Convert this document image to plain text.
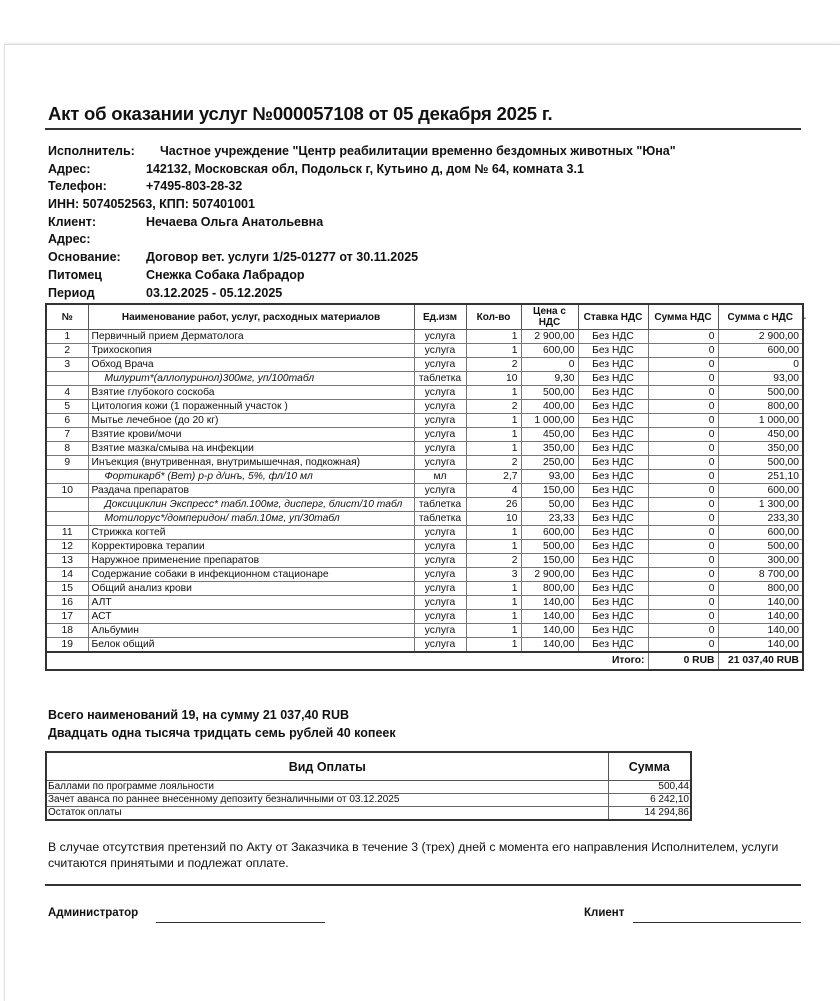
Акт об оказании услуг №000057108 от 05 декабря 2025 г.
Исполнитель:	Частное учреждение "Центр реабилитации временно бездомных животных "Юна"
Адрес:	142132, Московская обл, Подольск г, Кутьино д, дом № 64, комната 3.1
Телефон:	+7495-803-28-32
ИНН: 5074052563, КПП: 507401001
Клиент:	Нечаева Ольга Анатольевна
Адрес:
Основание:	Договор вет. услуги 1/25-01277 от 30.11.2025
Питомец	Снежка Собака Лабрадор
Период	03.12.2025 - 05.12.2025
№	Наименование работ, услуг, расходных материалов	Ед.изм	Кол-во	Цена с НДС	Ставка НДС	Сумма НДС	Сумма с НДС
1	Первичный прием Дерматолога	услуга	1	2 900,00	Без НДС	0	2 900,00
2	Трихоскопия	услуга	1	600,00	Без НДС	0	600,00
3	Обход Врача	услуга	2	0	Без НДС	0	0
	Милурит*(аллопуринол)300мг, уп/100табл	таблетка	10	9,30	Без НДС	0	93,00
4	Взятие глубокого соскоба	услуга	1	500,00	Без НДС	0	500,00
5	Цитология кожи (1 пораженный участок )	услуга	2	400,00	Без НДС	0	800,00
6	Мытье лечебное (до 20 кг)	услуга	1	1 000,00	Без НДС	0	1 000,00
7	Взятие крови/мочи	услуга	1	450,00	Без НДС	0	450,00
8	Взятие мазка/смыва на инфекции	услуга	1	350,00	Без НДС	0	350,00
9	Инъекция (внутривенная, внутримышечная, подкожная)	услуга	2	250,00	Без НДС	0	500,00
	Фортикарб* (Вет) р-р д/инъ, 5%, фл/10 мл	мл	2,7	93,00	Без НДС	0	251,10
10	Раздача препаратов	услуга	4	150,00	Без НДС	0	600,00
	Доксициклин Экспресс* табл.100мг, дисперг, блист/10 табл	таблетка	26	50,00	Без НДС	0	1 300,00
	Мотилорус*/домперидон/ табл.10мг, уп/30табл	таблетка	10	23,33	Без НДС	0	233,30
11	Стрижка когтей	услуга	1	600,00	Без НДС	0	600,00
12	Корректировка терапии	услуга	1	500,00	Без НДС	0	500,00
13	Наружное применение препаратов	услуга	2	150,00	Без НДС	0	300,00
14	Содержание собаки в инфекционном стационаре	услуга	3	2 900,00	Без НДС	0	8 700,00
15	Общий анализ крови	услуга	1	800,00	Без НДС	0	800,00
16	АЛТ	услуга	1	140,00	Без НДС	0	140,00
17	АСТ	услуга	1	140,00	Без НДС	0	140,00
18	Альбумин	услуга	1	140,00	Без НДС	0	140,00
19	Белок общий	услуга	1	140,00	Без НДС	0	140,00
Итого:						0 RUB	21 037,40 RUB
-
Всего наименований 19, на сумму 21 037,40 RUB
Двадцать одна тысяча тридцать семь рублей 40 копеек
Вид Оплаты	Сумма
Баллами по программе лояльности	500,44
Зачет аванса по раннее внесенному депозиту безналичными от 03.12.2025	6 242,10
Остаток оплаты	14 294,86
В случае отсутствия претензий по Акту от Заказчика в течение 3 (трех) дней с момента его направления Исполнителем, услуги считаются принятыми и подлежат оплате.
Администратор	Клиент
